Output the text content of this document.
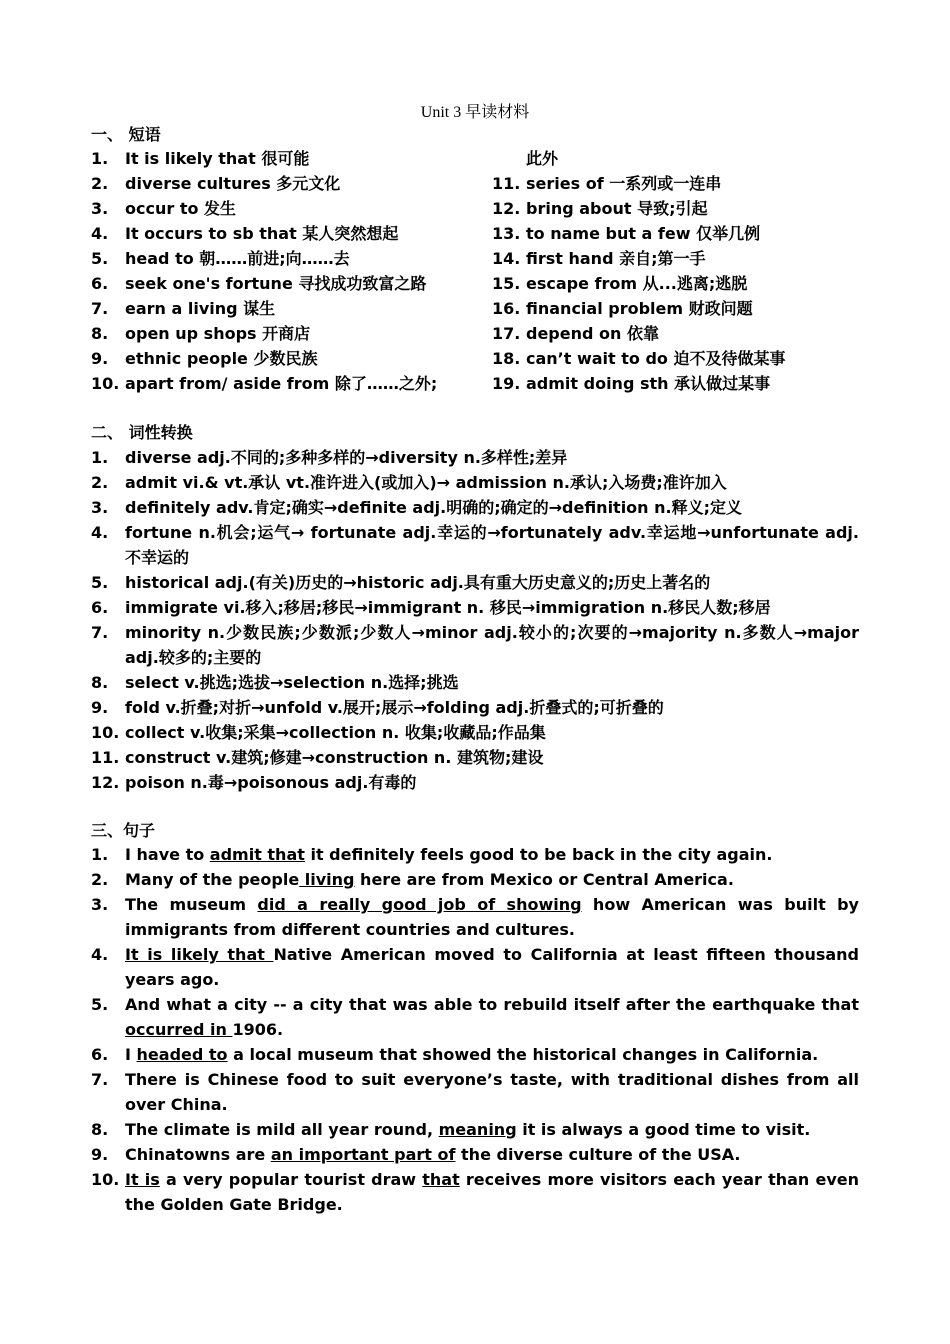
Unit 3 早读材料
一、 短语
1. It is likely that 很可能
2. diverse cultures 多元文化
3. occur to 发生
4. It occurs to sb that 某人突然想起
5. head to 朝……前进;向……去
6. seek one's fortune 寻找成功致富之路
7. earn a living 谋生
8. open up shops 开商店
9. ethnic people 少数民族
10. apart from/ aside from 除了……之外;
此外
11. series of 一系列或一连串
12. bring about 导致;引起
13. to name but a few 仅举几例
14. first hand 亲自;第一手
15. escape from 从...逃离;逃脱
16. financial problem 财政问题
17. depend on 依靠
18. can’t wait to do 迫不及待做某事
19. admit doing sth 承认做过某事
二、 词性转换
1. diverse adj.不同的;多种多样的→diversity n.多样性;差异
2. admit vi.& vt.承认 vt.准许进入(或加入)→ admission n.承认;入场费;准许加入
3. definitely adv.肯定;确实→definite adj.明确的;确定的→definition n.释义;定义
4. fortune n.机会;运气→ fortunate adj.幸运的→fortunately adv.幸运地→unfortunate adj.不幸运的
5. historical adj.(有关)历史的→historic adj.具有重大历史意义的;历史上著名的
6. immigrate vi.移入;移居;移民→immigrant n. 移民→immigration n.移民人数;移居
7. minority n.少数民族;少数派;少数人→minor adj.较小的;次要的→majority n.多数人→major adj.较多的;主要的
8. select v.挑选;选拔→selection n.选择;挑选
9. fold v.折叠;对折→unfold v.展开;展示→folding adj.折叠式的;可折叠的
10. collect v.收集;采集→collection n. 收集;收藏品;作品集
11. construct v.建筑;修建→construction n. 建筑物;建设
12. poison n.毒→poisonous adj.有毒的
三、句子
1. I have to admit that it definitely feels good to be back in the city again.
2. Many of the people living here are from Mexico or Central America.
3. The museum did a really good job of showing how American was built by immigrants from different countries and cultures.
4. It is likely that Native American moved to California at least fifteen thousand years ago.
5. And what a city -- a city that was able to rebuild itself after the earthquake that occurred in 1906.
6. I headed to a local museum that showed the historical changes in California.
7. There is Chinese food to suit everyone’s taste, with traditional dishes from all over China.
8. The climate is mild all year round, meaning it is always a good time to visit.
9. Chinatowns are an important part of the diverse culture of the USA.
10. It is a very popular tourist draw that receives more visitors each year than even the Golden Gate Bridge.
